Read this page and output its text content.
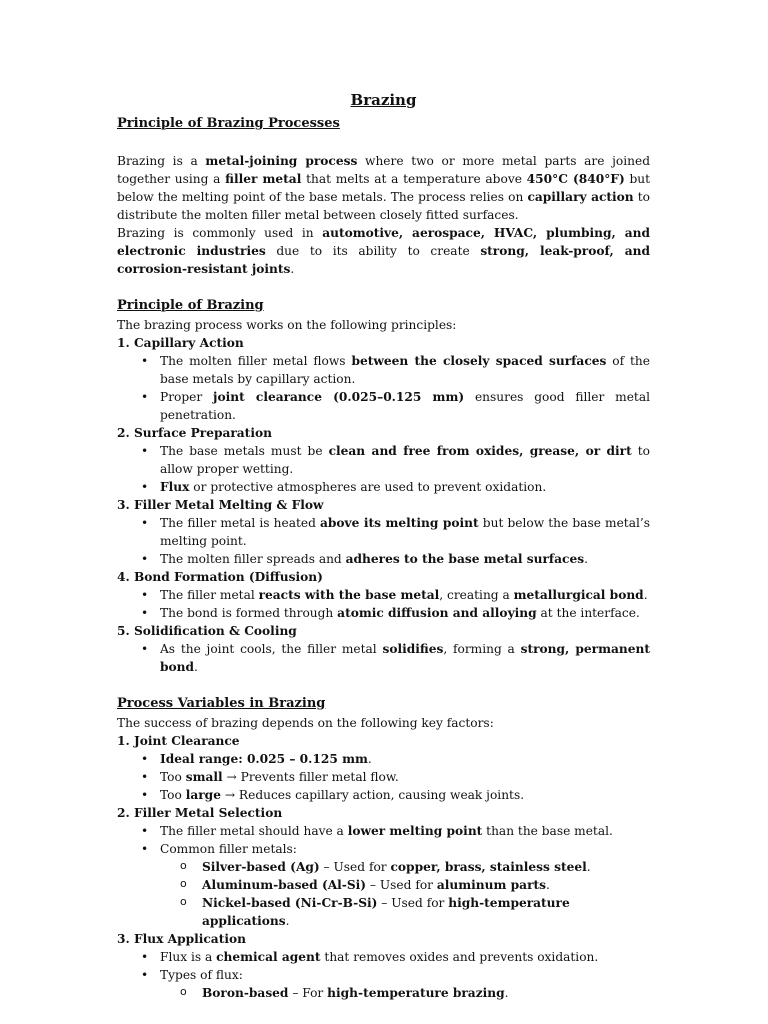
Brazing
Principle of Brazing Processes

Brazing is a metal-joining process where two or more metal parts are joined together using a filler metal that melts at a temperature above 450°C (840°F) but below the melting point of the base metals. The process relies on capillary action to distribute the molten filler metal between closely fitted surfaces.

Brazing is commonly used in automotive, aerospace, HVAC, plumbing, and electronic industries due to its ability to create strong, leak-proof, and corrosion-resistant joints.

Principle of Brazing

The brazing process works on the following principles:

1. Capillary Action
• The molten filler metal flows between the closely spaced surfaces of the base metals by capillary action.
• Proper joint clearance (0.025–0.125 mm) ensures good filler metal penetration.
2. Surface Preparation
• The base metals must be clean and free from oxides, grease, or dirt to allow proper wetting.
• Flux or protective atmospheres are used to prevent oxidation.
3. Filler Metal Melting & Flow
• The filler metal is heated above its melting point but below the base metal’s melting point.
• The molten filler spreads and adheres to the base metal surfaces.
4. Bond Formation (Diffusion)
• The filler metal reacts with the base metal, creating a metallurgical bond.
• The bond is formed through atomic diffusion and alloying at the interface.
5. Solidification & Cooling
• As the joint cools, the filler metal solidifies, forming a strong, permanent bond.
Process Variables in Brazing

The success of brazing depends on the following key factors:

1. Joint Clearance
• Ideal range: 0.025 – 0.125 mm.
• Too small → Prevents filler metal flow.
• Too large → Reduces capillary action, causing weak joints.
2. Filler Metal Selection
• The filler metal should have a lower melting point than the base metal.
• Common filler metals:
o Silver-based (Ag) – Used for copper, brass, stainless steel.
o Aluminum-based (Al-Si) – Used for aluminum parts.
o Nickel-based (Ni-Cr-B-Si) – Used for high-temperature applications.
3. Flux Application
• Flux is a chemical agent that removes oxides and prevents oxidation.
• Types of flux:
o Boron-based – For high-temperature brazing.
